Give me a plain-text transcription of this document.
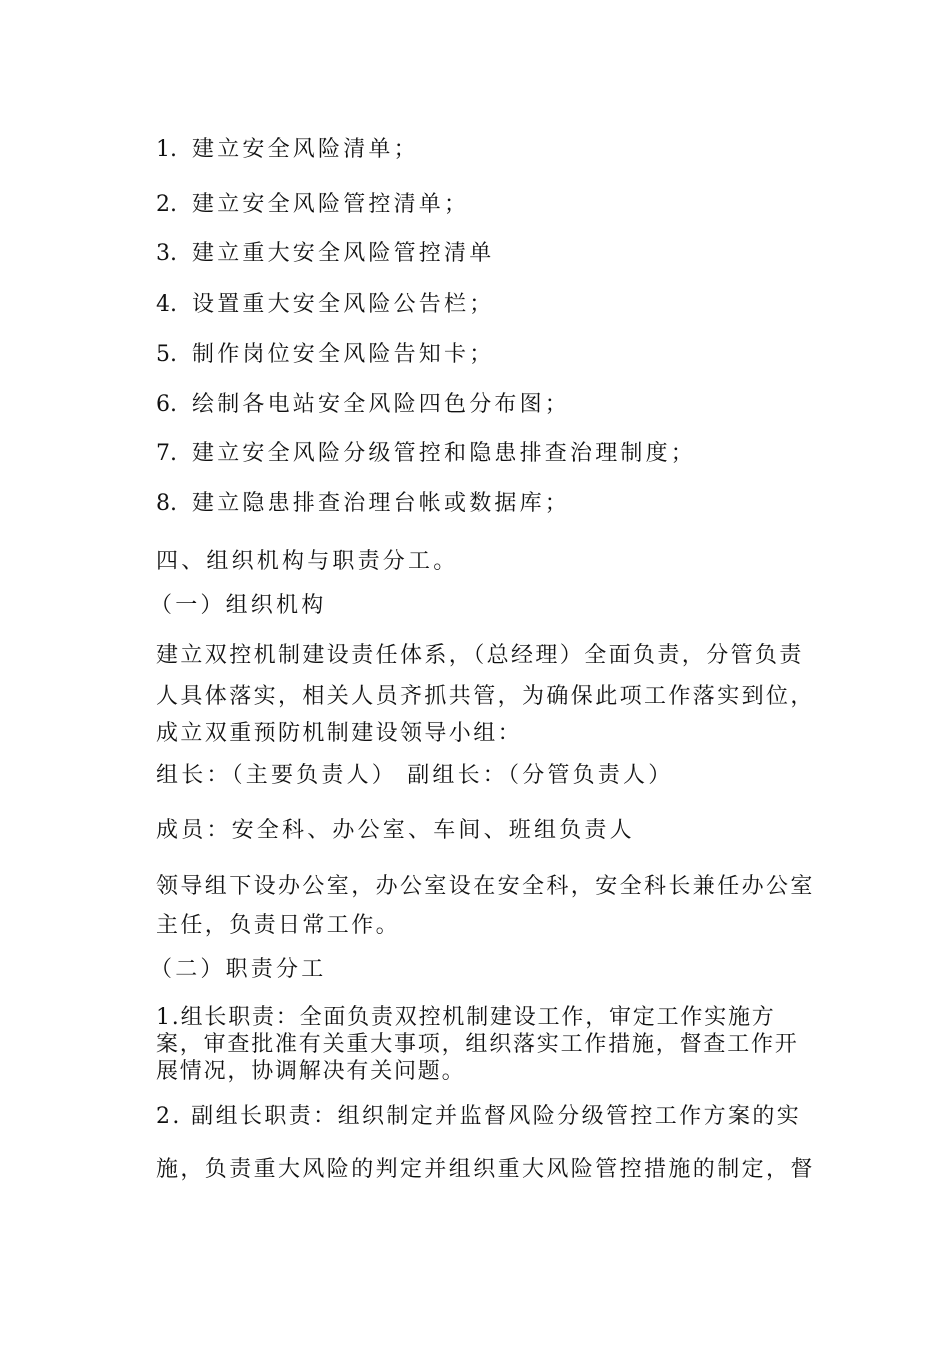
1. 建立安全风险清单；
2. 建立安全风险管控清单；
3. 建立重大安全风险管控清单
4. 设置重大安全风险公告栏；
5. 制作岗位安全风险告知卡；
6. 绘制各电站安全风险四色分布图；
7. 建立安全风险分级管控和隐患排查治理制度；
8. 建立隐患排查治理台帐或数据库；
四、组织机构与职责分工。
（一）组织机构
建立双控机制建设责任体系，（总经理）全面负责，分管负责
人具体落实，相关人员齐抓共管，为确保此项工作落实到位，
成立双重预防机制建设领导小组：
组长：（主要负责人） 副组长：（分管负责人）
成员：安全科、办公室、车间、班组负责人
领导组下设办公室，办公室设在安全科，安全科长兼任办公室
主任，负责日常工作。
（二）职责分工
1.组长职责：全面负责双控机制建设工作，审定工作实施方
案，审查批准有关重大事项，组织落实工作措施，督查工作开
展情况，协调解决有关问题。
2. 副组长职责：组织制定并监督风险分级管控工作方案的实
施，负责重大风险的判定并组织重大风险管控措施的制定，督
